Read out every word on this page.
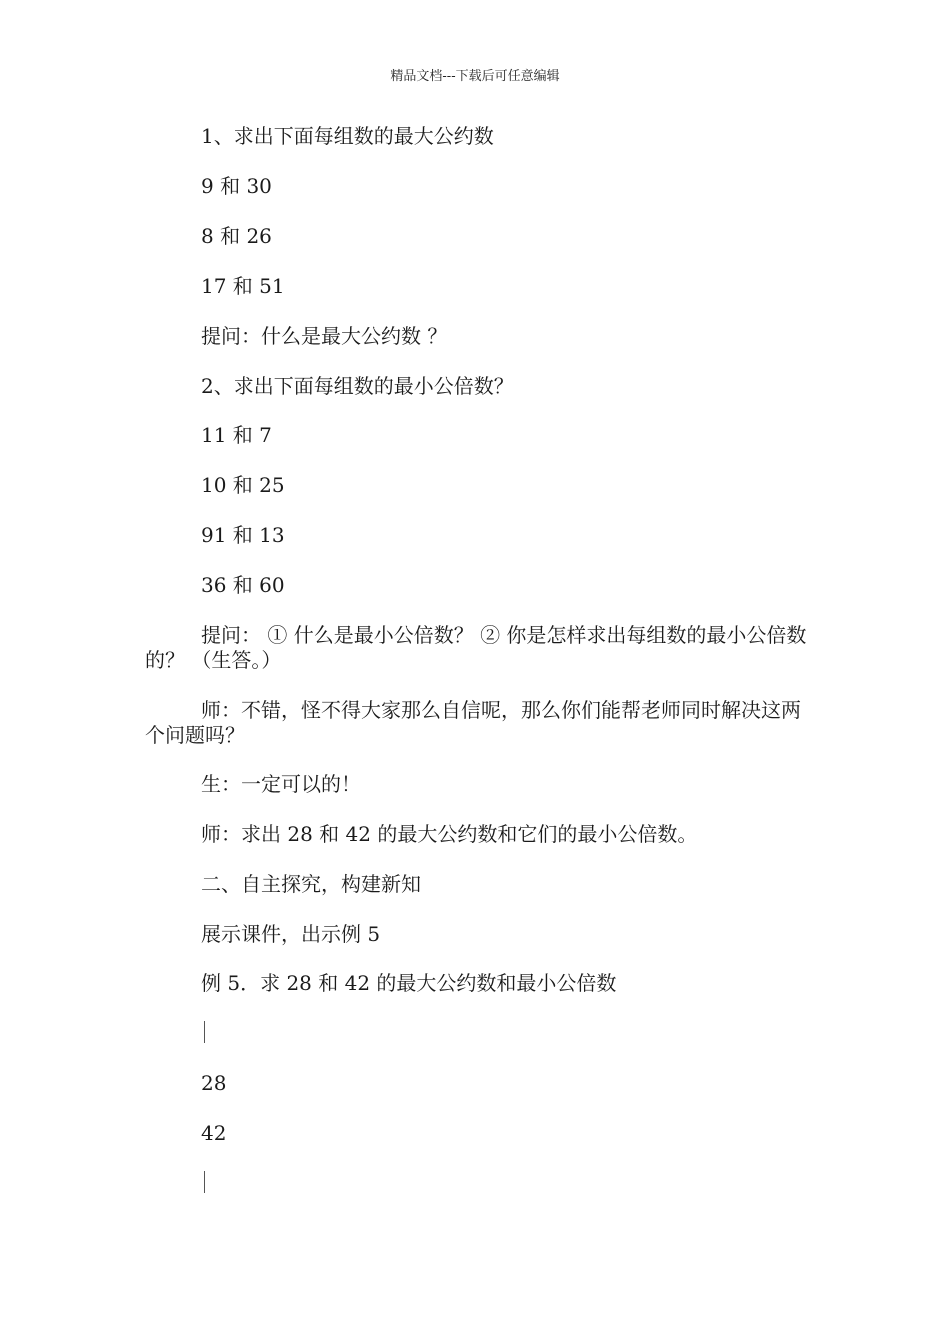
精品文档---下载后可任意编辑
1、求出下面每组数的最大公约数
9 和 30
8 和 26
17 和 51
提问：什么是最大公约数 ？
2、求出下面每组数的最小公倍数？
11 和 7
10 和 25
91 和 13
36 和 60
提问： ① 什么是最小公倍数？ ② 你是怎样求出每组数的最小公倍数的？ （生答。）
师：不错，怪不得大家那么自信呢，那么你们能帮老师同时解决这两个问题吗？
生：一定可以的！
师：求出 28 和 42 的最大公约数和它们的最小公倍数。
二、自主探究，构建新知
展示课件，出示例 5
例 5．求 28 和 42 的最大公约数和最小公倍数
28
42
